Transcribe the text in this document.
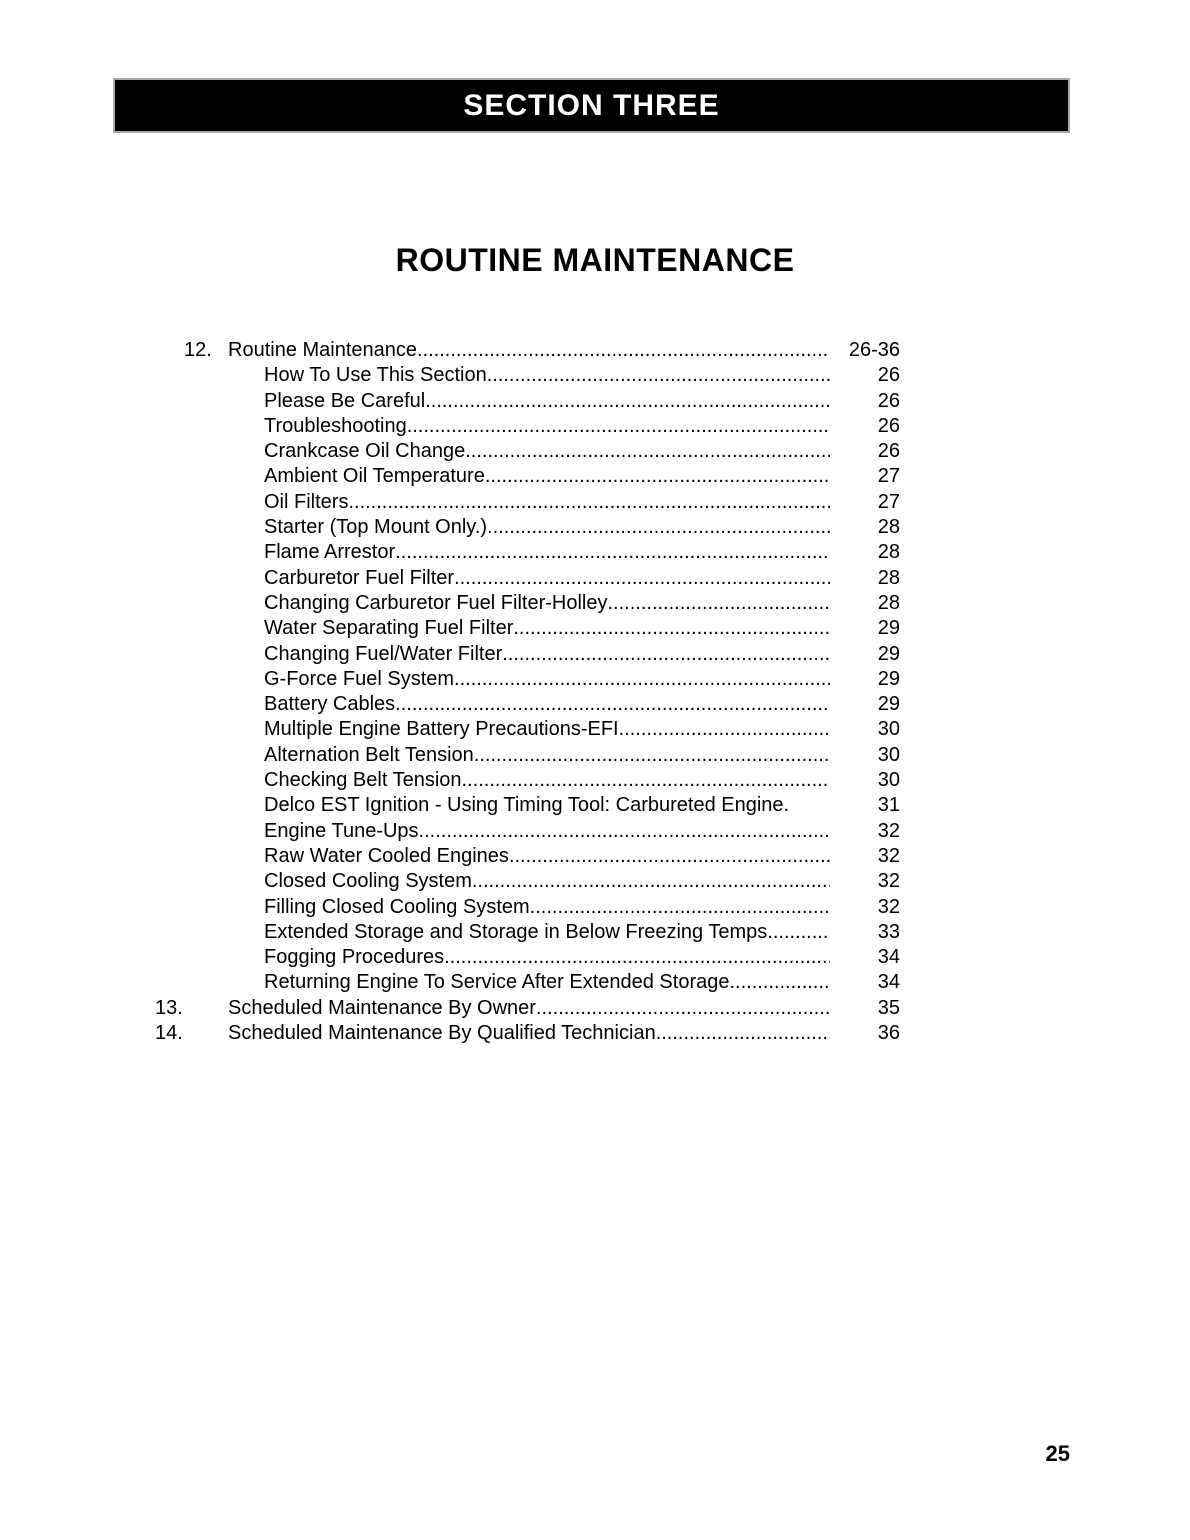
SECTION THREE
ROUTINE MAINTENANCE
12. Routine Maintenance .....	26-36
How To Use This Section .....	26
Please Be Careful .....	26
Troubleshooting .....	26
Crankcase Oil Change .....	26
Ambient Oil Temperature .....	27
Oil Filters .....	27
Starter (Top Mount Only.) .....	28
Flame Arrestor .....	28
Carburetor Fuel Filter .....	28
Changing Carburetor Fuel Filter-Holley .....	28
Water Separating Fuel Filter .....	29
Changing Fuel/Water Filter .....	29
G-Force Fuel System .....	29
Battery Cables .....	29
Multiple Engine Battery Precautions-EFI .....	30
Alternation Belt Tension .....	30
Checking Belt Tension .....	30
Delco EST Ignition - Using Timing Tool: Carbureted Engine.	31
Engine Tune-Ups .....	32
Raw Water Cooled Engines .....	32
Closed Cooling System .....	32
Filling Closed Cooling System .....	32
Extended Storage and Storage in Below Freezing Temps .....	33
Fogging Procedures .....	34
Returning Engine To Service After Extended Storage .....	34
13.	Scheduled Maintenance By Owner .....	35
14.	Scheduled Maintenance By Qualified Technician .....	36
25
